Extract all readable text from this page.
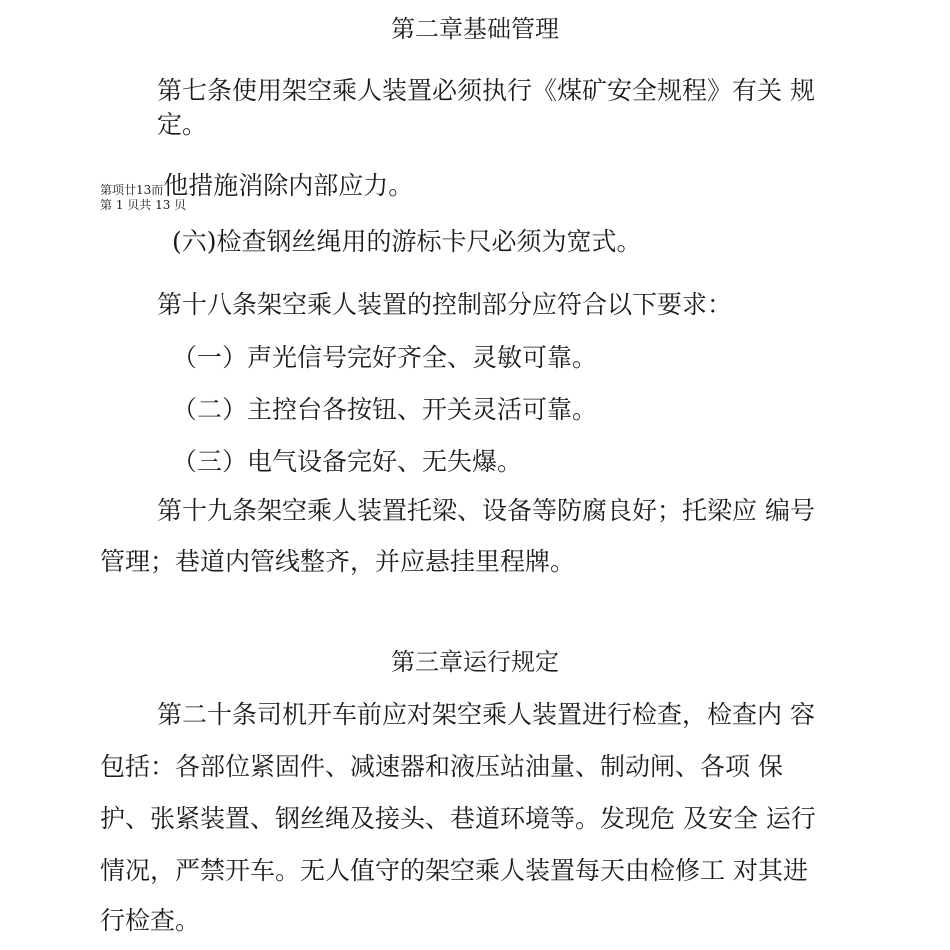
第二章基础管理
第七条使用架空乘人装置必须执行《煤矿安全规程》有关 规
定。
第项廿13而他措施消除内部应力。
第 1 贝共 13 贝
(六)检查钢丝绳用的游标卡尺必须为宽式。
第十八条架空乘人装置的控制部分应符合以下要求：
（一）声光信号完好齐全、灵敏可靠。
（二）主控台各按钮、开关灵活可靠。
（三）电气设备完好、无失爆。
第十九条架空乘人装置托梁、设备等防腐良好；托梁应 编号
管理；巷道内管线整齐，并应悬挂里程牌。
第三章运行规定
第二十条司机开车前应对架空乘人装置进行检查，检查内 容
包括：各部位紧固件、减速器和液压站油量、制动闸、各项 保
护、张紧装置、钢丝绳及接头、巷道环境等。发现危 及安全 运行
情况，严禁开车。无人值守的架空乘人装置每天由检修工 对其进
行检查。
